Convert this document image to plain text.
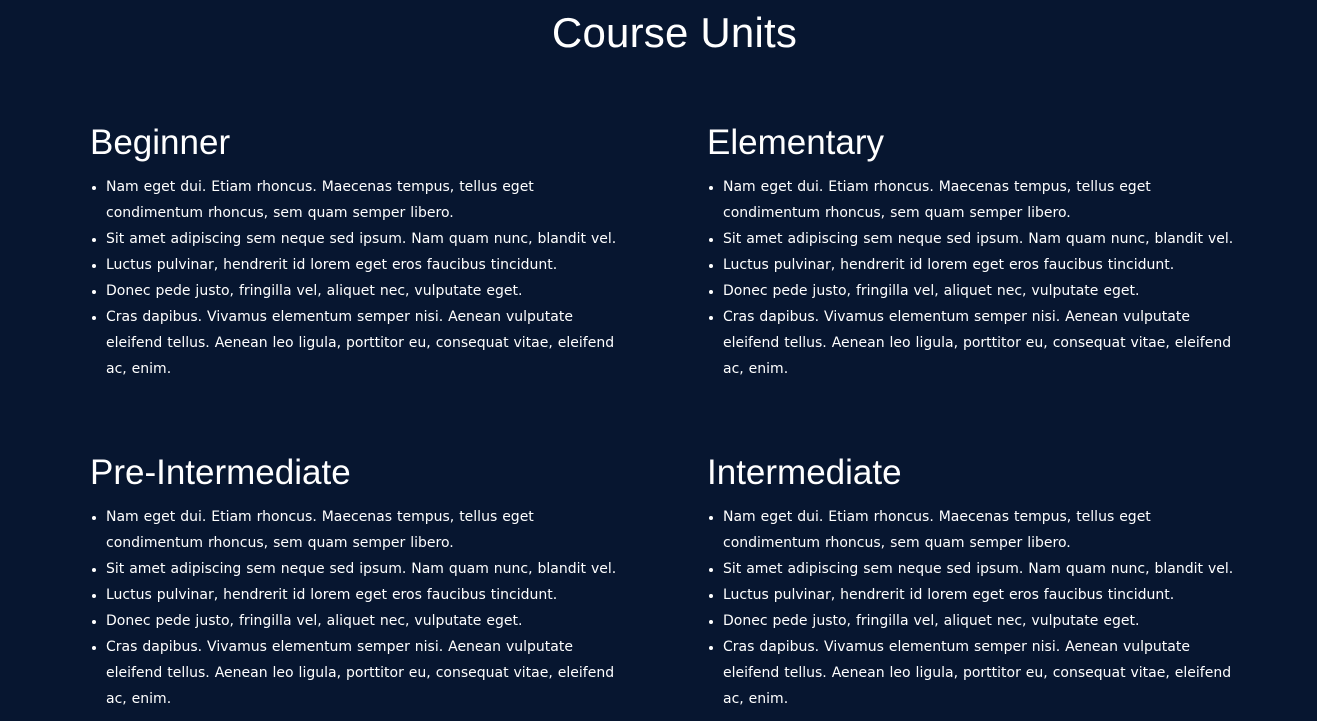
Course Units
Beginner
• Nam eget dui. Etiam rhoncus. Maecenas tempus, tellus eget condimentum rhoncus, sem quam semper libero.
• Sit amet adipiscing sem neque sed ipsum. Nam quam nunc, blandit vel.
• Luctus pulvinar, hendrerit id lorem eget eros faucibus tincidunt.
• Donec pede justo, fringilla vel, aliquet nec, vulputate eget.
• Cras dapibus. Vivamus elementum semper nisi. Aenean vulputate eleifend tellus. Aenean leo ligula, porttitor eu, consequat vitae, eleifend ac, enim.
Elementary
• Nam eget dui. Etiam rhoncus. Maecenas tempus, tellus eget condimentum rhoncus, sem quam semper libero.
• Sit amet adipiscing sem neque sed ipsum. Nam quam nunc, blandit vel.
• Luctus pulvinar, hendrerit id lorem eget eros faucibus tincidunt.
• Donec pede justo, fringilla vel, aliquet nec, vulputate eget.
• Cras dapibus. Vivamus elementum semper nisi. Aenean vulputate eleifend tellus. Aenean leo ligula, porttitor eu, consequat vitae, eleifend ac, enim.
Pre-Intermediate
• Nam eget dui. Etiam rhoncus. Maecenas tempus, tellus eget condimentum rhoncus, sem quam semper libero.
• Sit amet adipiscing sem neque sed ipsum. Nam quam nunc, blandit vel.
• Luctus pulvinar, hendrerit id lorem eget eros faucibus tincidunt.
• Donec pede justo, fringilla vel, aliquet nec, vulputate eget.
• Cras dapibus. Vivamus elementum semper nisi. Aenean vulputate eleifend tellus. Aenean leo ligula, porttitor eu, consequat vitae, eleifend ac, enim.
Intermediate
• Nam eget dui. Etiam rhoncus. Maecenas tempus, tellus eget condimentum rhoncus, sem quam semper libero.
• Sit amet adipiscing sem neque sed ipsum. Nam quam nunc, blandit vel.
• Luctus pulvinar, hendrerit id lorem eget eros faucibus tincidunt.
• Donec pede justo, fringilla vel, aliquet nec, vulputate eget.
• Cras dapibus. Vivamus elementum semper nisi. Aenean vulputate eleifend tellus. Aenean leo ligula, porttitor eu, consequat vitae, eleifend ac, enim.
